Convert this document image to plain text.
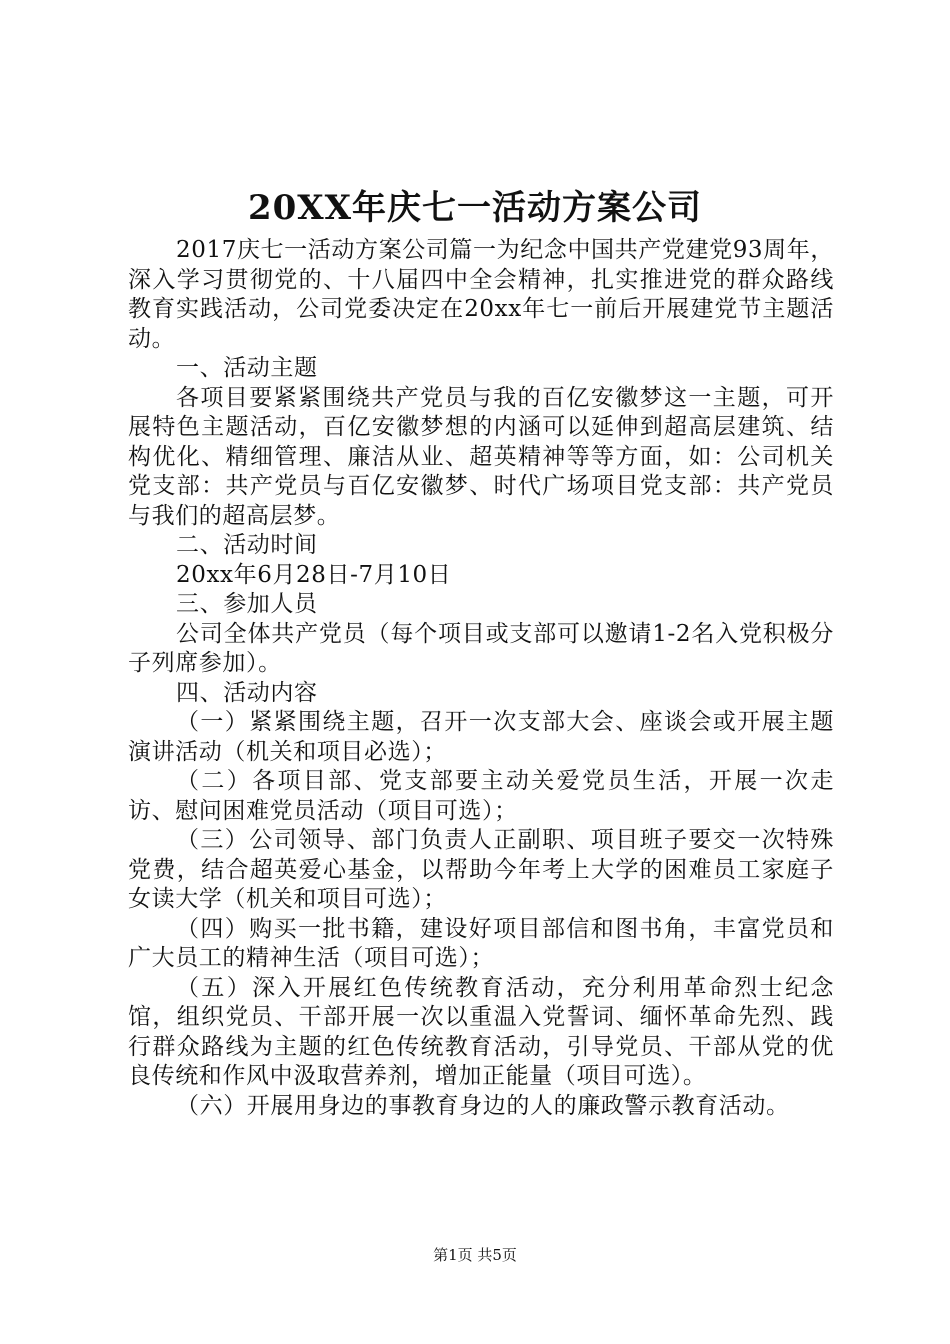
20XX年庆七一活动方案公司

2017庆七一活动方案公司篇一为纪念中国共产党建党93周年，深入学习贯彻党的、十八届四中全会精神，扎实推进党的群众路线教育实践活动，公司党委决定在20xx年七一前后开展建党节主题活动。

一、活动主题

各项目要紧紧围绕共产党员与我的百亿安徽梦这一主题，可开展特色主题活动，百亿安徽梦想的内涵可以延伸到超高层建筑、结构优化、精细管理、廉洁从业、超英精神等等方面，如：公司机关党支部：共产党员与百亿安徽梦、时代广场项目党支部：共产党员与我们的超高层梦。

二、活动时间

20xx年6月28日-7月10日

三、参加人员

公司全体共产党员（每个项目或支部可以邀请1-2名入党积极分子列席参加）。

四、活动内容

（一）紧紧围绕主题，召开一次支部大会、座谈会或开展主题演讲活动（机关和项目必选）；

（二）各项目部、党支部要主动关爱党员生活，开展一次走访、慰问困难党员活动（项目可选）；

（三）公司领导、部门负责人正副职、项目班子要交一次特殊党费，结合超英爱心基金，以帮助今年考上大学的困难员工家庭子女读大学（机关和项目可选）；

（四）购买一批书籍，建设好项目部信和图书角，丰富党员和广大员工的精神生活（项目可选）；

（五）深入开展红色传统教育活动，充分利用革命烈士纪念馆，组织党员、干部开展一次以重温入党誓词、缅怀革命先烈、践行群众路线为主题的红色传统教育活动，引导党员、干部从党的优良传统和作风中汲取营养剂，增加正能量（项目可选）。

（六）开展用身边的事教育身边的人的廉政警示教育活动。

第1页 共5页
